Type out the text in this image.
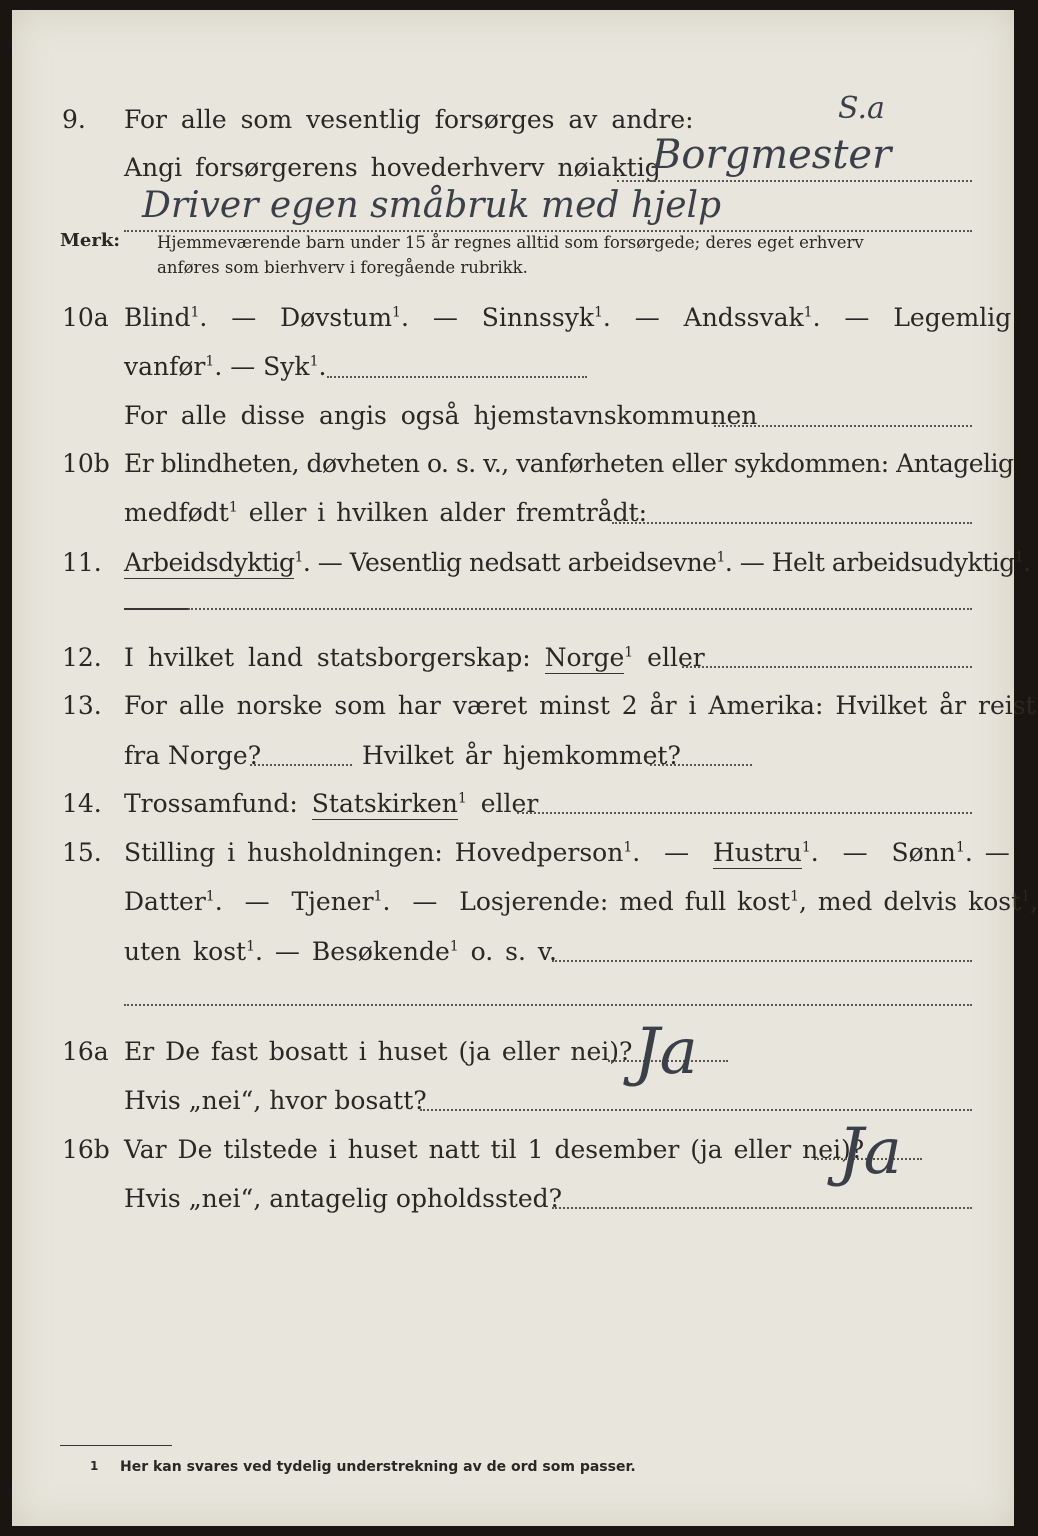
9. For alle som vesentlig forsørges av andre:	S.a
Angi forsørgerens hovederhverv nøiaktig
Borgmester
Driver egen småbruk med hjelp
Merk: Hjemmeværende barn under 15 år regnes alltid som forsørgede; deres eget erhverv
anføres som bierhverv i foregående rubrikk.
10a Blind$^1$.  — Døvstum$^1$.  — Sinnssyk$^1$.  — Andssvak$^1$.  — Legemlig
vanfør$^1$. — Syk$^1$.
For alle disse angis også hjemstavnskommunen
10b Er blindheten, døvheten o. s. v., vanførheten eller sykdommen: Antagelig
medfødt$^1$ eller i hvilken alder fremtrådt:
11. Arbeidsdyktig$^1$. — Vesentlig nedsatt arbeidsevne$^1$. — Helt arbeidsudyktig$^1$.
12. I hvilket land statsborgerskap: Norge$^1$ eller
13. For alle norske som har været minst 2 år i Amerika: Hvilket år reist
fra Norge?	Hvilket år hjemkommet?
14. Trossamfund: Statskirken$^1$ eller
15. Stilling i husholdningen: Hovedperson$^1$.  — Hustru$^1$.  — Sønn$^1$. —
Datter$^1$.  — Tjener$^1$.  — Losjerende: med full kost$^1$, med delvis kost$^1$,
uten kost$^1$. — Besøkende$^1$ o. s. v.
16a Er De fast bosatt i huset (ja eller nei)? Ja
Hvis „nei“, hvor bosatt?
16b Var De tilstede i huset natt til 1 desember (ja eller nei)?
Ja
Hvis „nei“, antagelig opholdssted?
1 Her kan svares ved tydelig understrekning av de ord som passer.
